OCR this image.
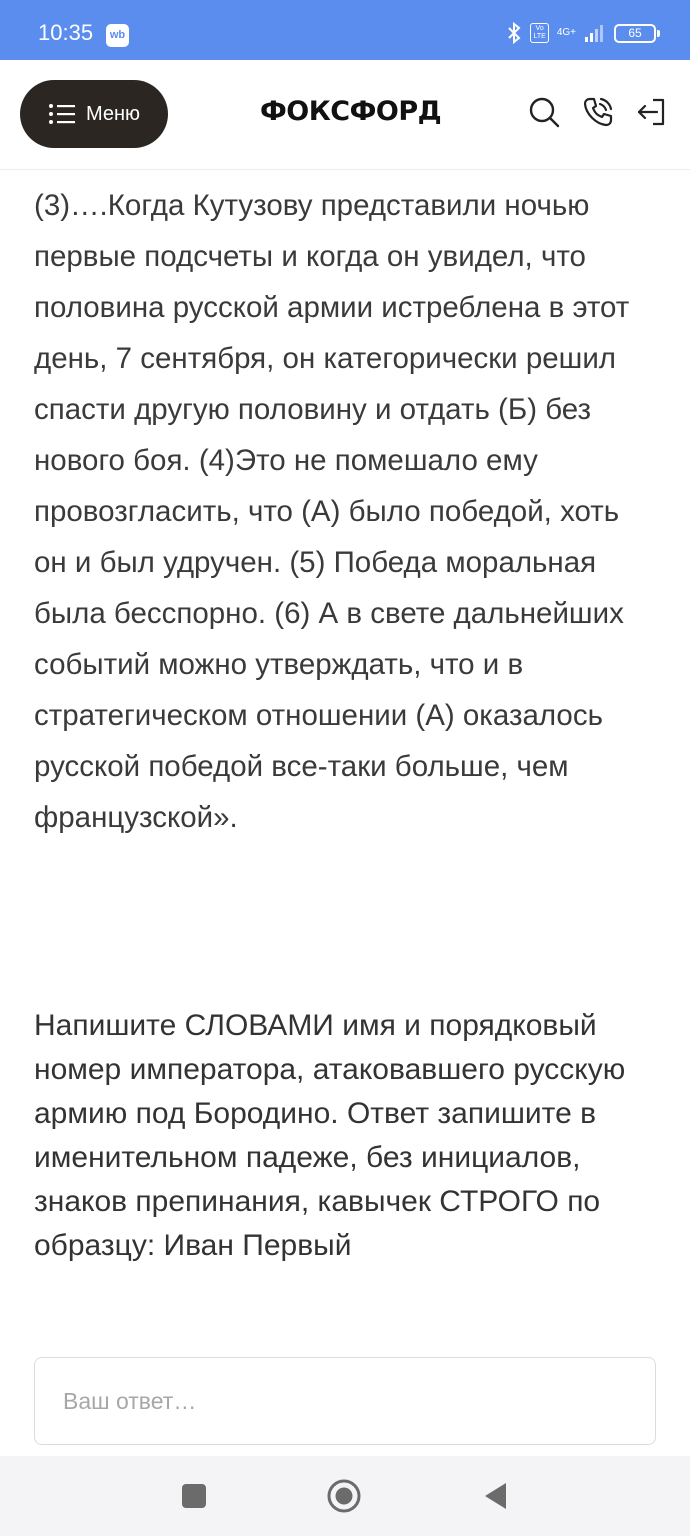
10:35	wb
Vo
LTE 4G+	65
Меню	ФОКСФОРД

(3)….Когда Кутузову представили ночью первые подсчеты и когда он увидел, что половина русской армии истреблена в этот день, 7 сентября, он категорически решил спасти другую половину и отдать (Б) без нового боя. (4)Это не помешало ему провозгласить, что (А) было победой, хоть он и был удручен. (5) Победа моральная была бесспорно. (6) А в свете дальнейших событий можно утверждать, что и в стратегическом отношении (А) оказалось русской победой все-таки больше, чем французской».

Напишите СЛОВАМИ имя и порядковый номер императора, атаковавшего русскую армию под Бородино. Ответ запишите в именительном падеже, без инициалов, знаков препинания, кавычек СТРОГО по образцу: Иван Первый

Ваш ответ…
